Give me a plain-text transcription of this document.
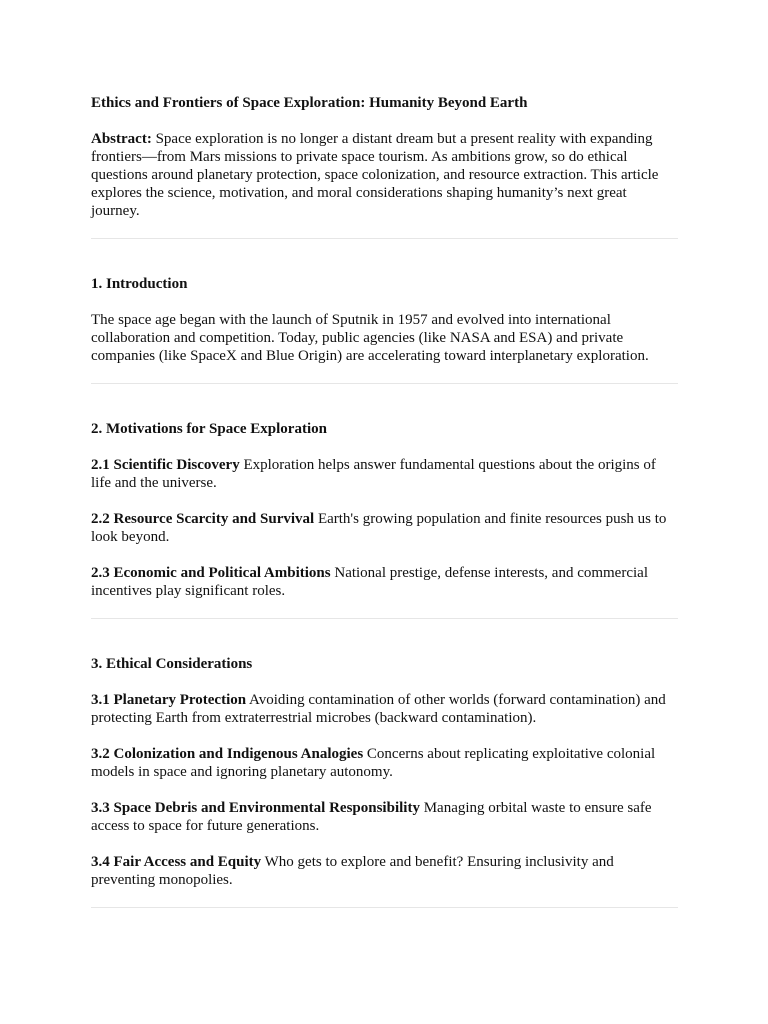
Ethics and Frontiers of Space Exploration: Humanity Beyond Earth

Abstract: Space exploration is no longer a distant dream but a present reality with expanding frontiers—from Mars missions to private space tourism. As ambitions grow, so do ethical questions around planetary protection, space colonization, and resource extraction. This article explores the science, motivation, and moral considerations shaping humanity’s next great journey.

1. Introduction

The space age began with the launch of Sputnik in 1957 and evolved into international collaboration and competition. Today, public agencies (like NASA and ESA) and private companies (like SpaceX and Blue Origin) are accelerating toward interplanetary exploration.

2. Motivations for Space Exploration

2.1 Scientific Discovery Exploration helps answer fundamental questions about the origins of life and the universe.

2.2 Resource Scarcity and Survival Earth's growing population and finite resources push us to look beyond.

2.3 Economic and Political Ambitions National prestige, defense interests, and commercial incentives play significant roles.

3. Ethical Considerations

3.1 Planetary Protection Avoiding contamination of other worlds (forward contamination) and protecting Earth from extraterrestrial microbes (backward contamination).

3.2 Colonization and Indigenous Analogies Concerns about replicating exploitative colonial models in space and ignoring planetary autonomy.

3.3 Space Debris and Environmental Responsibility Managing orbital waste to ensure safe access to space for future generations.

3.4 Fair Access and Equity Who gets to explore and benefit? Ensuring inclusivity and preventing monopolies.
